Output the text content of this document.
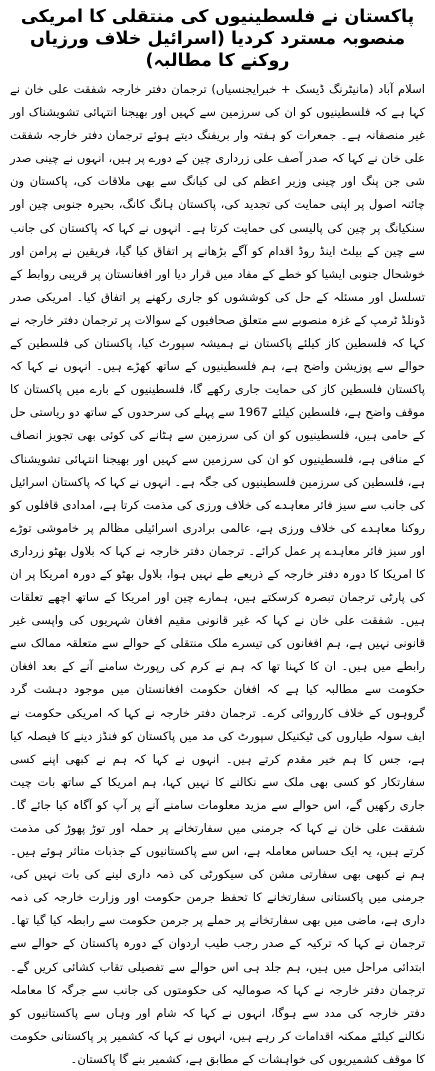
پاکستان نے فلسطینیوں کی منتقلی کا امریکی منصوبہ مسترد کردیا (اسرائیل خلاف ورزیاں روکنے کا مطالبہ)

اسلام آباد (مانیٹرنگ ڈیسک + خبرایجنسیاں) ترجمان دفتر خارجہ شفقت علی خان نے کہا ہے کہ فلسطینیوں کو ان کی سرزمین سے کہیں اور بھیجنا انتہائی تشویشناک اور غیر منصفانہ ہے۔ جمعرات کو ہفتہ وار بریفنگ دیتے ہوئے ترجمان دفتر خارجہ شفقت علی خان نے کہا کہ صدر آصف علی زرداری چین کے دورے پر ہیں، انہوں نے چینی صدر شی جن پنگ اور چینی وزیر اعظم کی لی کیانگ سے بھی ملاقات کی، پاکستان ون چائنہ اصول پر اپنی حمایت کی تجدید کی، پاکستان ہانگ کانگ، بحیرہ جنوبی چین اور سنکیانگ پر چین کی پالیسی کی حمایت کرتا ہے۔ انہوں نے کہا کہ پاکستان کی جانب سے چین کے بیلٹ اینڈ روڈ اقدام کو آگے بڑھانے پر اتفاق کیا گیا، فریقین نے پرامن اور خوشحال جنوبی ایشیا کو خطے کے مفاد میں قرار دیا اور افغانستان پر قریبی روابط کے تسلسل اور مسئلہ کے حل کی کوششوں کو جاری رکھنے پر اتفاق کیا۔ امریکی صدر ڈونلڈ ٹرمپ کے غزہ منصوبے سے متعلق صحافیوں کے سوالات پر ترجمان دفتر خارجہ نے کہا کہ فلسطین کاز کیلئے پاکستان نے ہمیشہ سپورٹ کیا، پاکستان کی فلسطین کے حوالے سے پوزیشن واضح ہے، ہم فلسطینیوں کے ساتھ کھڑے ہیں۔ انہوں نے کہا کہ پاکستان فلسطین کاز کی حمایت جاری رکھے گا، فلسطینیوں کے بارے میں پاکستان کا موقف واضح ہے، فلسطین کیلئے 1967 سے پہلے کی سرحدوں کے ساتھ دو ریاستی حل کے حامی ہیں، فلسطینیوں کو ان کی سرزمین سے ہٹانے کی کوئی بھی تجویز انصاف کے منافی ہے، فلسطینیوں کو ان کی سرزمین سے کہیں اور بھیجنا انتہائی تشویشناک ہے، فلسطین کی سرزمین فلسطینیوں کی جگہ ہے۔ انہوں نے کہا کہ پاکستان اسرائیل کی جانب سے سیز فائر معاہدے کی خلاف ورزی کی مذمت کرتا ہے، امدادی قافلوں کو روکنا معاہدے کی خلاف ورزی ہے، عالمی برادری اسرائیلی مظالم پر خاموشی توڑے اور سیز فائر معاہدے پر عمل کرائے۔ ترجمان دفتر خارجہ نے کہا کہ بلاول بھٹو زرداری کا امریکا کا دورہ دفتر خارجہ کے ذریعے طے نہیں ہوا، بلاول بھٹو کے دورہ امریکا پر ان کی پارٹی ترجمان تبصرہ کرسکتے ہیں، ہمارے چین اور امریکا کے ساتھ اچھے تعلقات ہیں۔ شفقت علی خان نے کہا کہ غیر قانونی مقیم افغان شہریوں کی واپسی غیر قانونی نہیں ہے، ہم افغانوں کی تیسرے ملک منتقلی کے حوالے سے متعلقہ ممالک سے رابطے میں ہیں۔ ان کا کہنا تھا کہ ہم نے کرم کی رپورٹ سامنے آنے کے بعد افغان حکومت سے مطالبہ کیا ہے کہ افغان حکومت افغانستان میں موجود دہشت گرد گروہوں کے خلاف کارروائی کرے۔ ترجمان دفتر خارجہ نے کہا کہ امریکی حکومت نے ایف سولہ طیاروں کی ٹیکنیکل سپورٹ کی مد میں پاکستان کو فنڈز دینے کا فیصلہ کیا ہے، جس کا ہم خیر مقدم کرتے ہیں۔ انہوں نے کہا کہ ہم نے کبھی اپنے کسی سفارتکار کو کسی بھی ملک سے نکالنے کا نہیں کہا، ہم امریکا کے ساتھ بات چیت جاری رکھیں گے، اس حوالے سے مزید معلومات سامنے آنے پر آپ کو آگاہ کیا جائے گا۔ شفقت علی خان نے کہا کہ جرمنی میں سفارتخانے پر حملہ اور توڑ پھوڑ کی مذمت کرتے ہیں، یہ ایک حساس معاملہ ہے، اس سے پاکستانیوں کے جذبات متاثر ہوئے ہیں۔ ہم نے کبھی بھی سفارتی مشن کی سیکورٹی کی ذمہ داری لینے کی بات نہیں کی، جرمنی میں پاکستانی سفارتخانے کا تحفظ جرمن حکومت اور وزارت خارجہ کی ذمہ داری ہے، ماضی میں بھی سفارتخانے پر حملے پر جرمن حکومت سے رابطہ کیا گیا تھا۔ ترجمان نے کہا کہ ترکیہ کے صدر رجب طیب اردوان کے دورہ پاکستان کے حوالے سے ابتدائی مراحل میں ہیں، ہم جلد ہی اس حوالے سے تفصیلی تقاب کشائی کریں گے۔ ترجمان دفتر خارجہ نے کہا کہ صومالیہ کی حکومتوں کی جانب سے جرگہ کا معاملہ دفتر خارجہ کی مدد سے ہوگا، انہوں نے کہا کہ شام اور وہاں سے پاکستانیوں کو نکالنے کیلئے ممکنہ اقدامات کر رہے ہیں، انہوں نے کہا کہ کشمیر پر پاکستانی حکومت کا موقف کشمیریوں کی خواہشات کے مطابق ہے، کشمیر بنے گا پاکستان۔
